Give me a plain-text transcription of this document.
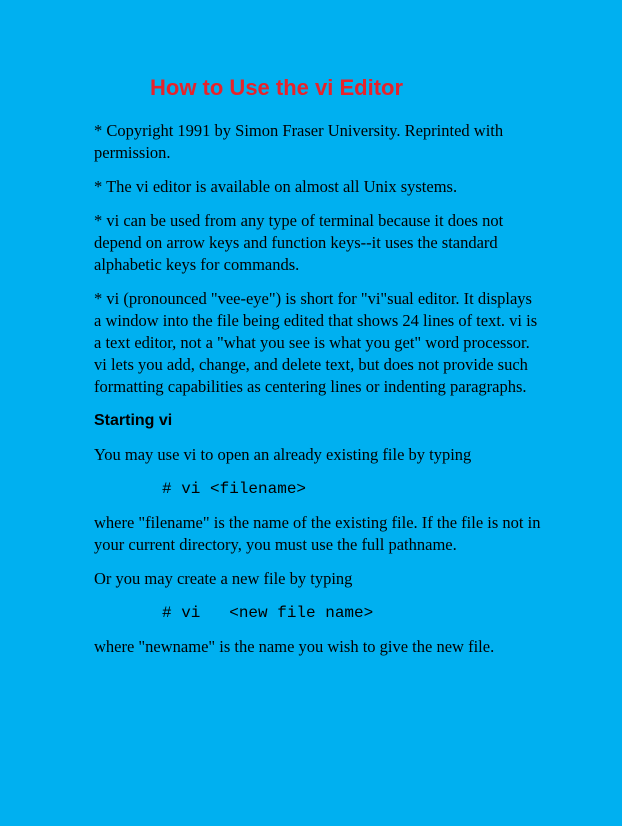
How to Use the vi Editor

* Copyright 1991 by Simon Fraser University. Reprinted with permission.

* The vi editor is available on almost all Unix systems.

* vi can be used from any type of terminal because it does not depend on arrow keys and function keys--it uses the standard alphabetic keys for commands.

* vi (pronounced "vee-eye") is short for "vi"sual editor. It displays a window into the file being edited that shows 24 lines of text. vi is a text editor, not a "what you see is what you get" word processor. vi lets you add, change, and delete text, but does not provide such formatting capabilities as centering lines or indenting paragraphs.

Starting vi

You may use vi to open an already existing file by typing

# vi <filename>

where "filename" is the name of the existing file. If the file is not in your current directory, you must use the full pathname.

Or you may create a new file by typing

# vi   <new file name>

where "newname" is the name you wish to give the new file.
